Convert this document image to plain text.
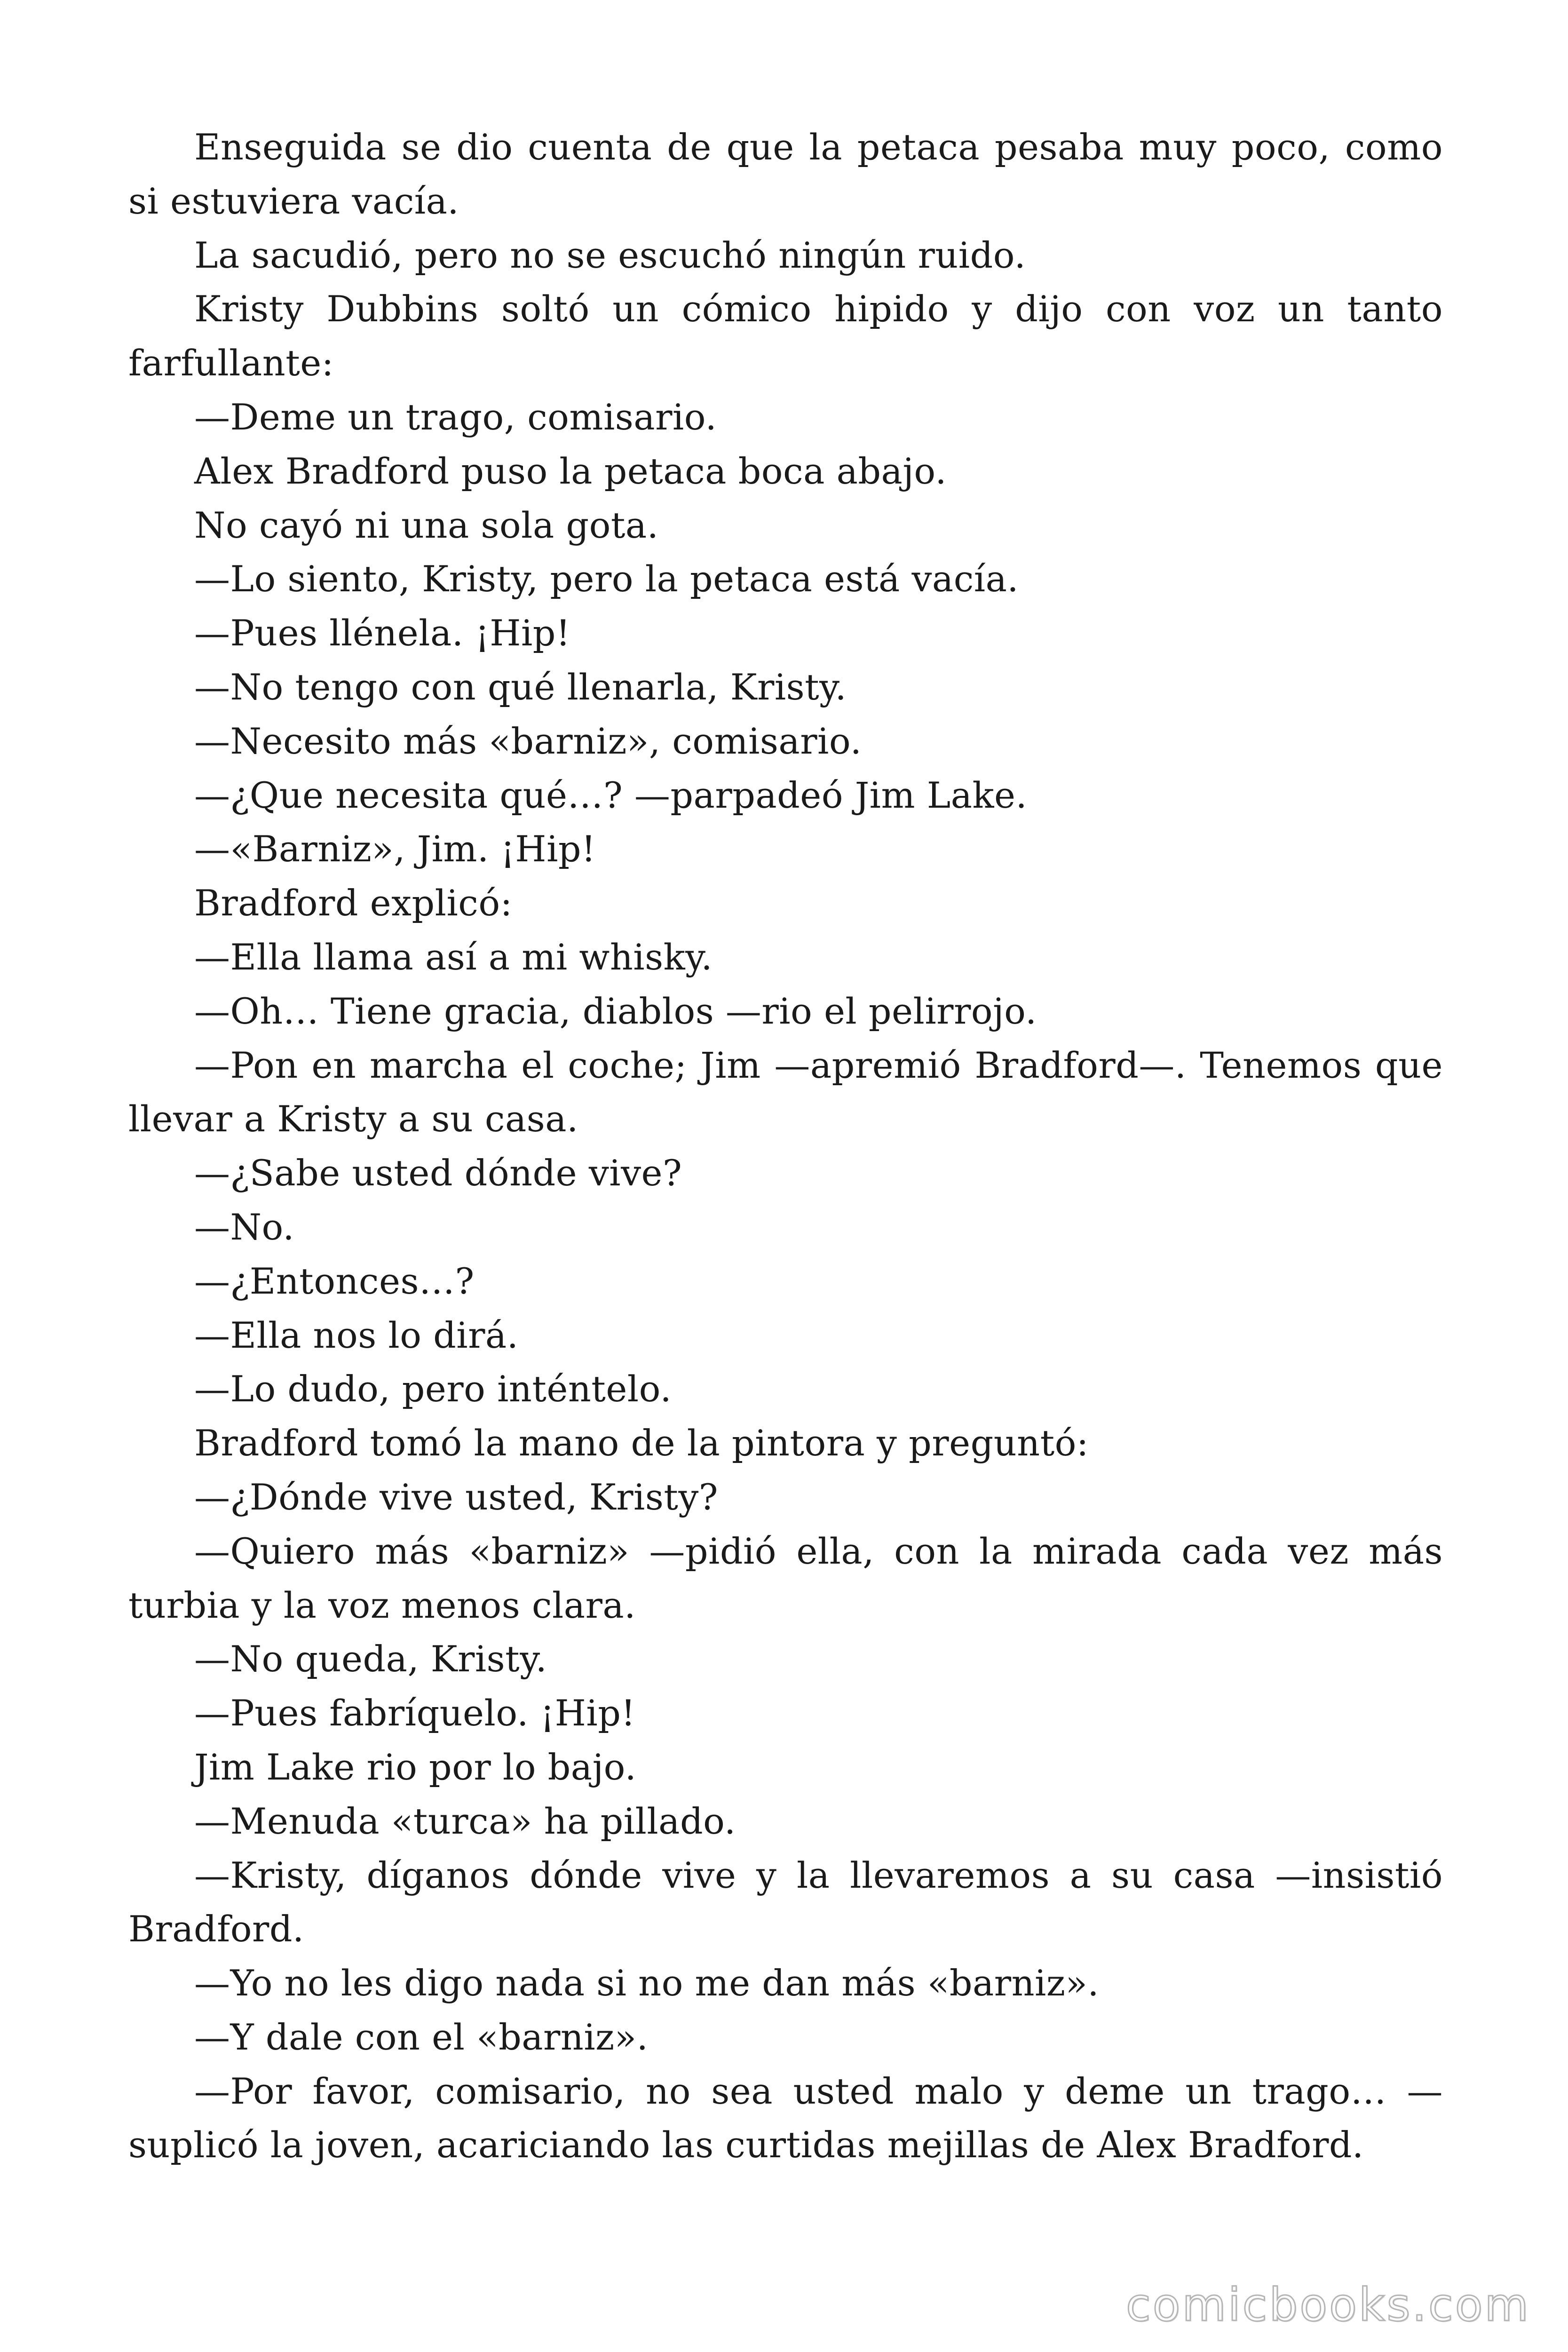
Enseguida se dio cuenta de que la petaca pesaba muy poco, como si estuviera vacía.

La sacudió, pero no se escuchó ningún ruido.

Kristy Dubbins soltó un cómico hipido y dijo con voz un tanto farfullante:

—Deme un trago, comisario.

Alex Bradford puso la petaca boca abajo.

No cayó ni una sola gota.

—Lo siento, Kristy, pero la petaca está vacía.

—Pues llénela. ¡Hip!

—No tengo con qué llenarla, Kristy.

—Necesito más «barniz», comisario.

—¿Que necesita qué…? —parpadeó Jim Lake.

—«Barniz», Jim. ¡Hip!

Bradford explicó:

—Ella llama así a mi whisky.

—Oh… Tiene gracia, diablos —rio el pelirrojo.

—Pon en marcha el coche; Jim —apremió Bradford—. Tenemos que llevar a Kristy a su casa.

—¿Sabe usted dónde vive?

—No.

—¿Entonces…?

—Ella nos lo dirá.

—Lo dudo, pero inténtelo.

Bradford tomó la mano de la pintora y preguntó:

—¿Dónde vive usted, Kristy?

—Quiero más «barniz» —pidió ella, con la mirada cada vez más turbia y la voz menos clara.

—No queda, Kristy.

—Pues fabríquelo. ¡Hip!

Jim Lake rio por lo bajo.

—Menuda «turca» ha pillado.

—Kristy, díganos dónde vive y la llevaremos a su casa —insistió Bradford.

—Yo no les digo nada si no me dan más «barniz».

—Y dale con el «barniz».

—Por favor, comisario, no sea usted malo y deme un trago… —suplicó la joven, acariciando las curtidas mejillas de Alex Bradford.

comicbooks.com
